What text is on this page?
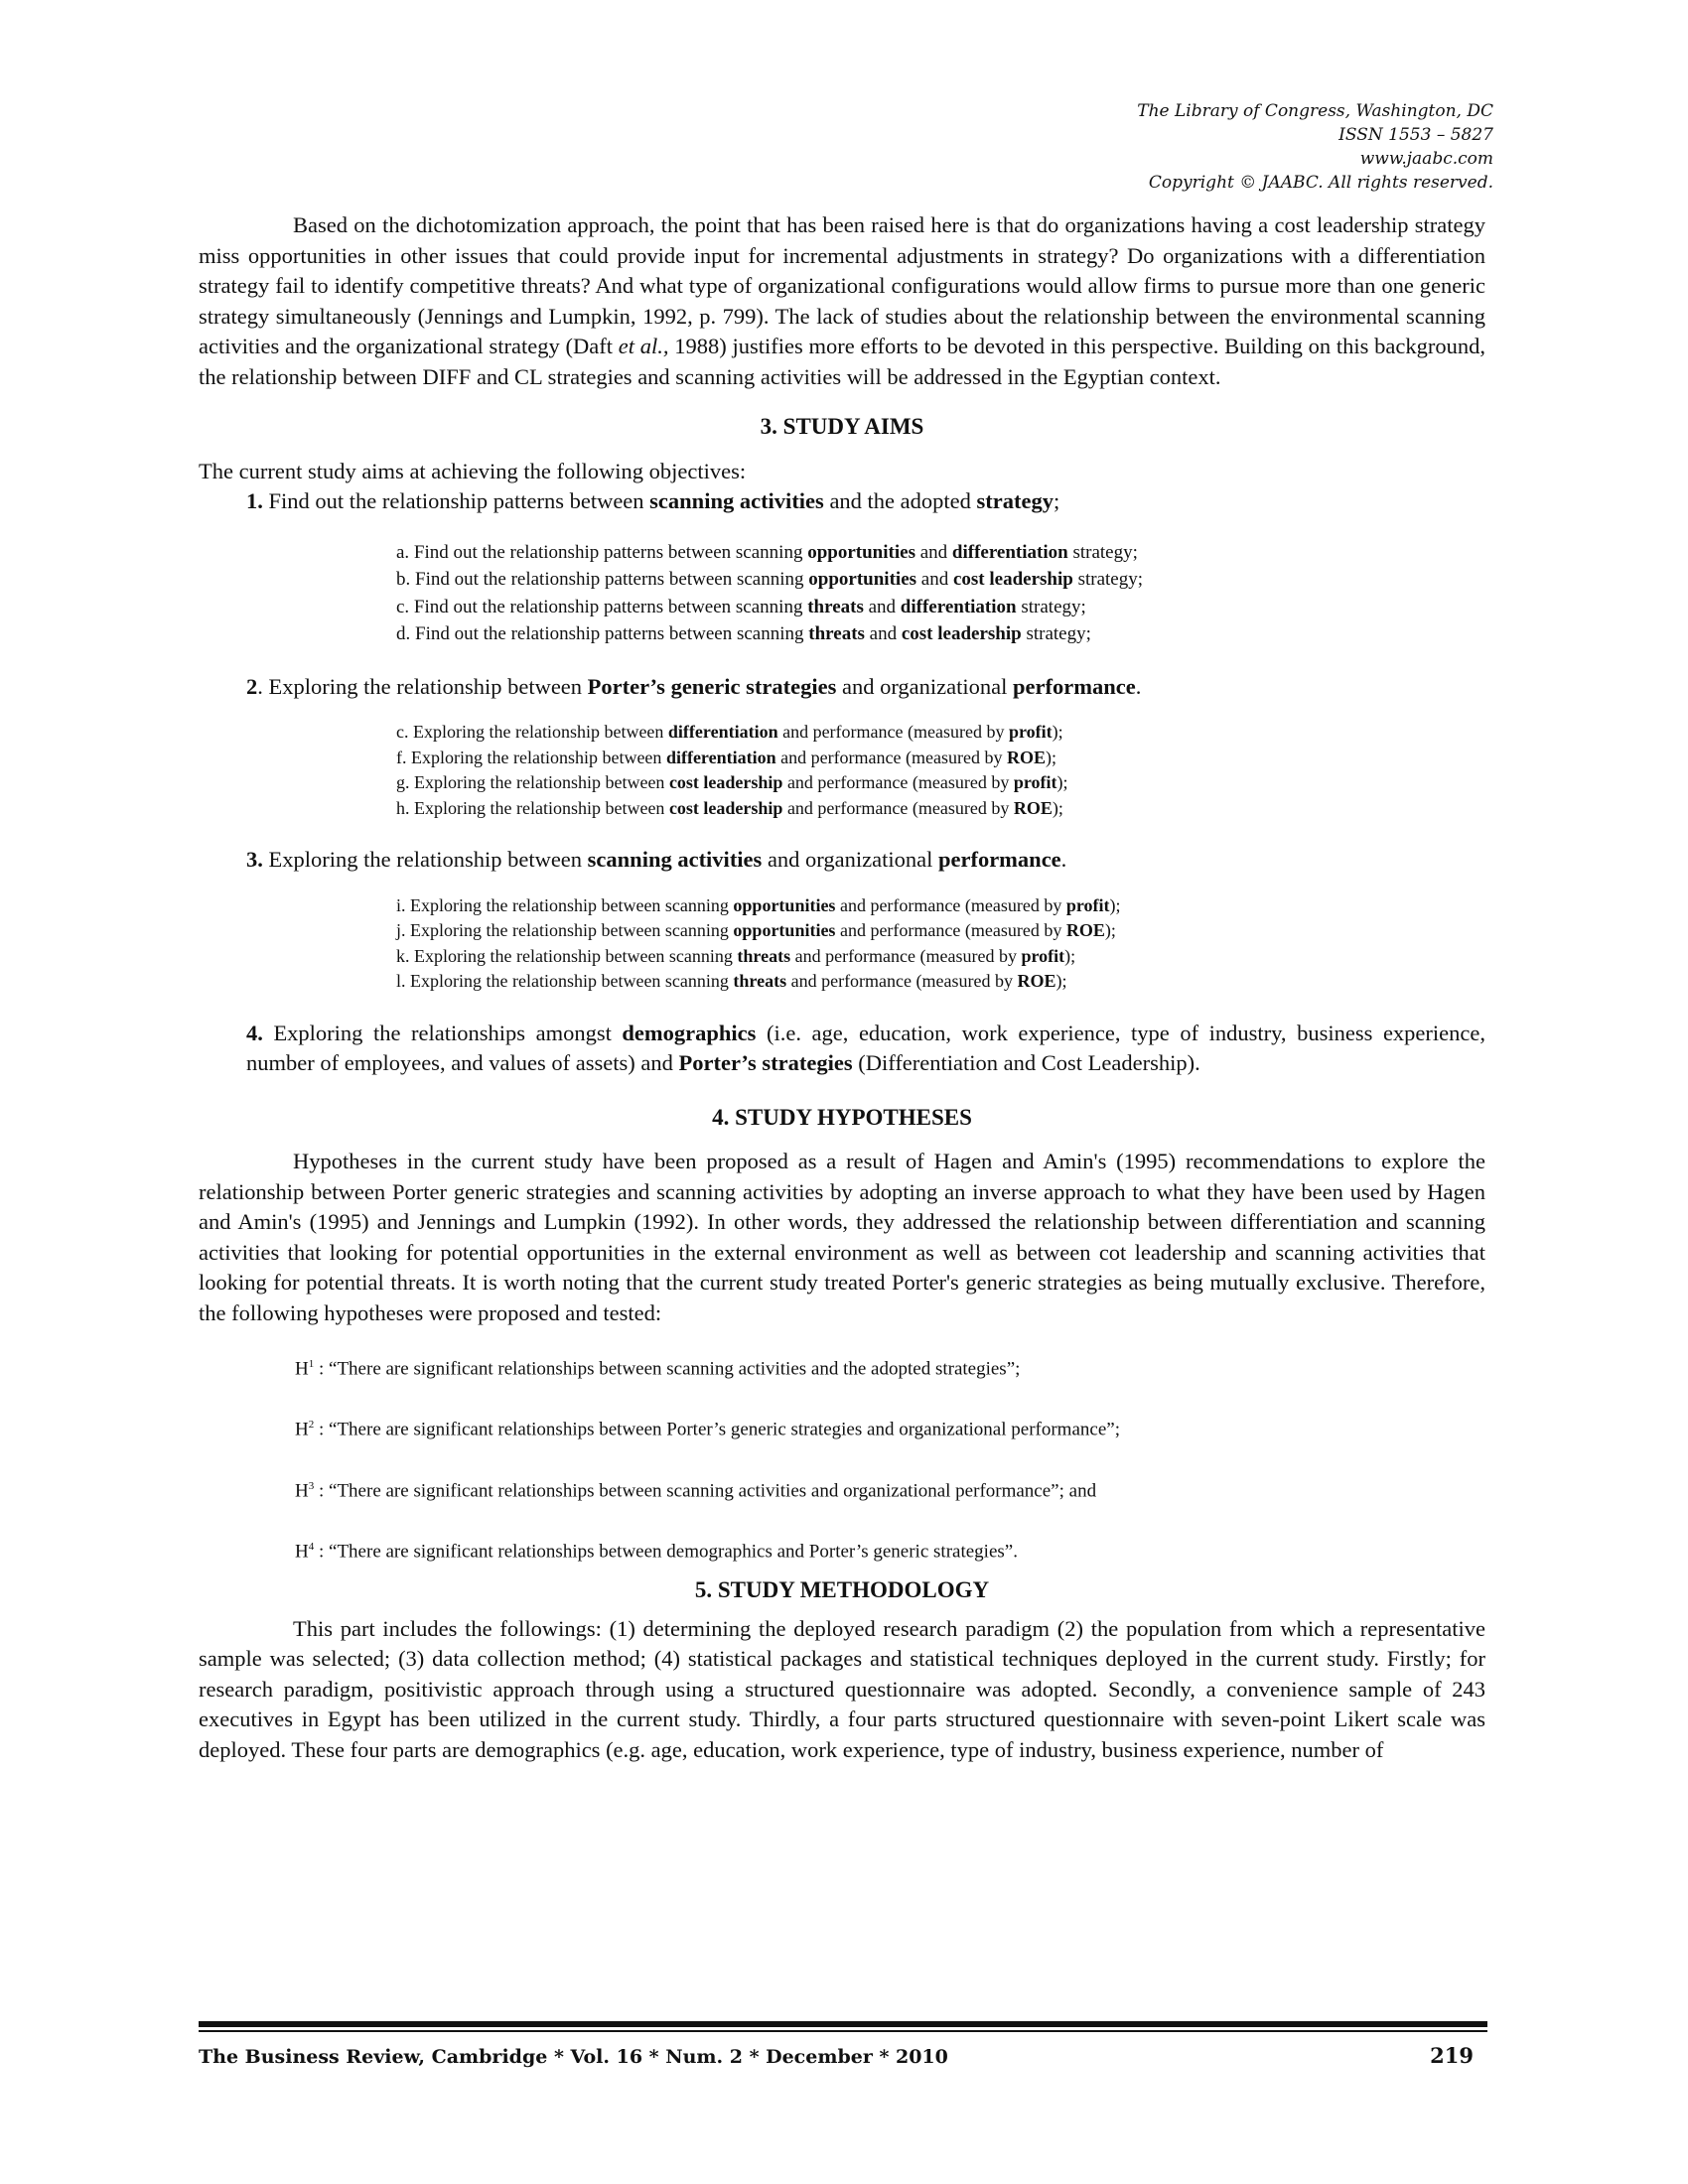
The Library of Congress, Washington, DC
ISSN 1553 – 5827
www.jaabc.com
Copyright © JAABC. All rights reserved.

Based on the dichotomization approach, the point that has been raised here is that do organizations having a cost leadership strategy miss opportunities in other issues that could provide input for incremental adjustments in strategy? Do organizations with a differentiation strategy fail to identify competitive threats? And what type of organizational configurations would allow firms to pursue more than one generic strategy simultaneously (Jennings and Lumpkin, 1992, p. 799). The lack of studies about the relationship between the environmental scanning activities and the organizational strategy (Daft et al., 1988) justifies more efforts to be devoted in this perspective. Building on this background, the relationship between DIFF and CL strategies and scanning activities will be addressed in the Egyptian context.

3. STUDY AIMS

The current study aims at achieving the following objectives:

1. Find out the relationship patterns between scanning activities and the adopted strategy;

a. Find out the relationship patterns between scanning opportunities and differentiation strategy;
b. Find out the relationship patterns between scanning opportunities and cost leadership strategy;
c. Find out the relationship patterns between scanning threats and differentiation strategy;
d. Find out the relationship patterns between scanning threats and cost leadership strategy;

2. Exploring the relationship between Porter’s generic strategies and organizational performance.

c. Exploring the relationship between differentiation and performance (measured by profit);
f. Exploring the relationship between differentiation and performance (measured by ROE);
g. Exploring the relationship between cost leadership and performance (measured by profit);
h. Exploring the relationship between cost leadership and performance (measured by ROE);

3. Exploring the relationship between scanning activities and organizational performance.

i. Exploring the relationship between scanning opportunities and performance (measured by profit);
j. Exploring the relationship between scanning opportunities and performance (measured by ROE);
k. Exploring the relationship between scanning threats and performance (measured by profit);
l. Exploring the relationship between scanning threats and performance (measured by ROE);

4. Exploring the relationships amongst demographics (i.e. age, education, work experience, type of industry, business experience, number of employees, and values of assets) and Porter’s strategies (Differentiation and Cost Leadership).

4. STUDY HYPOTHESES

Hypotheses in the current study have been proposed as a result of Hagen and Amin's (1995) recommendations to explore the relationship between Porter generic strategies and scanning activities by adopting an inverse approach to what they have been used by Hagen and Amin's (1995) and Jennings and Lumpkin (1992). In other words, they addressed the relationship between differentiation and scanning activities that looking for potential opportunities in the external environment as well as between cot leadership and scanning activities that looking for potential threats. It is worth noting that the current study treated Porter's generic strategies as being mutually exclusive. Therefore, the following hypotheses were proposed and tested:

$H^1$ : “There are significant relationships between scanning activities and the adopted strategies”;
$H^2$ : “There are significant relationships between Porter’s generic strategies and organizational performance”;
$H^3$ : “There are significant relationships between scanning activities and organizational performance”; and
$H^4$ : “There are significant relationships between demographics and Porter’s generic strategies”.

5. STUDY METHODOLOGY

This part includes the followings: (1) determining the deployed research paradigm (2) the population from which a representative sample was selected; (3) data collection method; (4) statistical packages and statistical techniques deployed in the current study. Firstly; for research paradigm, positivistic approach through using a structured questionnaire was adopted. Secondly, a convenience sample of 243 executives in Egypt has been utilized in the current study. Thirdly, a four parts structured questionnaire with seven-point Likert scale was deployed. These four parts are demographics (e.g. age, education, work experience, type of industry, business experience, number of

The Business Review, Cambridge * Vol. 16 * Num. 2 * December * 2010	219
